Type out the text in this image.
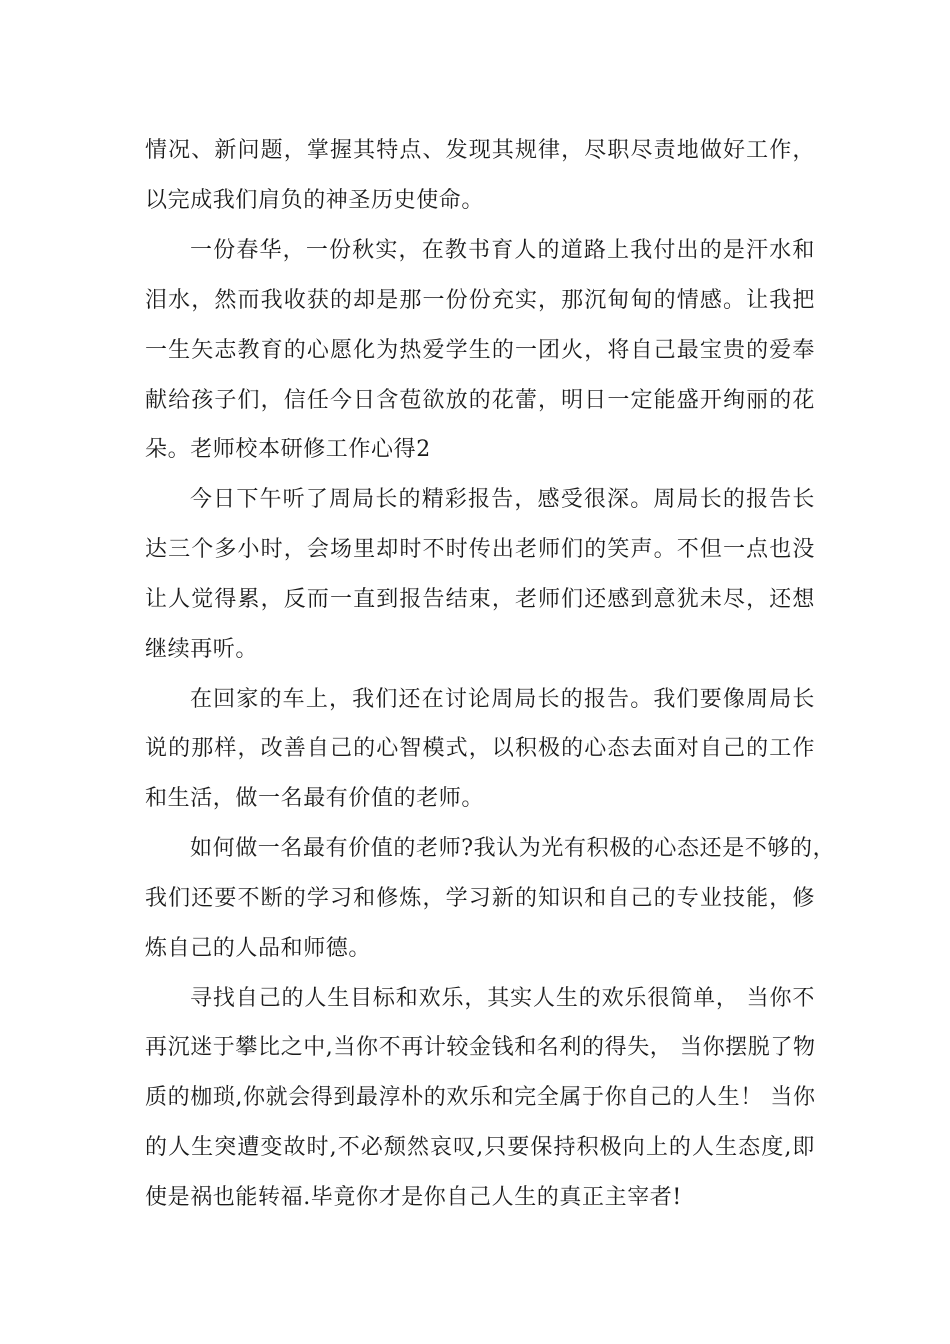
情况、新问题，掌握其特点、发现其规律，尽职尽责地做好工作，
以完成我们肩负的神圣历史使命。
一份春华，一份秋实，在教书育人的道路上我付出的是汗水和
泪水，然而我收获的却是那一份份充实，那沉甸甸的情感。让我把
一生矢志教育的心愿化为热爱学生的一团火，将自己最宝贵的爱奉
献给孩子们，信任今日含苞欲放的花蕾，明日一定能盛开绚丽的花
朵。老师校本研修工作心得2
今日下午听了周局长的精彩报告，感受很深。周局长的报告长
达三个多小时，会场里却时不时传出老师们的笑声。不但一点也没
让人觉得累，反而一直到报告结束，老师们还感到意犹未尽，还想
继续再听。
在回家的车上，我们还在讨论周局长的报告。我们要像周局长
说的那样，改善自己的心智模式，以积极的心态去面对自己的工作
和生活，做一名最有价值的老师。
如何做一名最有价值的老师?我认为光有积极的心态还是不够的，
我们还要不断的学习和修炼，学习新的知识和自己的专业技能，修
炼自己的人品和师德。
寻找自己的人生目标和欢乐，其实人生的欢乐很简单， 当你不
再沉迷于攀比之中,当你不再计较金钱和名利的得失， 当你摆脱了物
质的枷琐,你就会得到最淳朴的欢乐和完全属于你自己的人生！ 当你
的人生突遭变故时,不必颓然哀叹,只要保持积极向上的人生态度,即
使是祸也能转福.毕竟你才是你自己人生的真正主宰者!
